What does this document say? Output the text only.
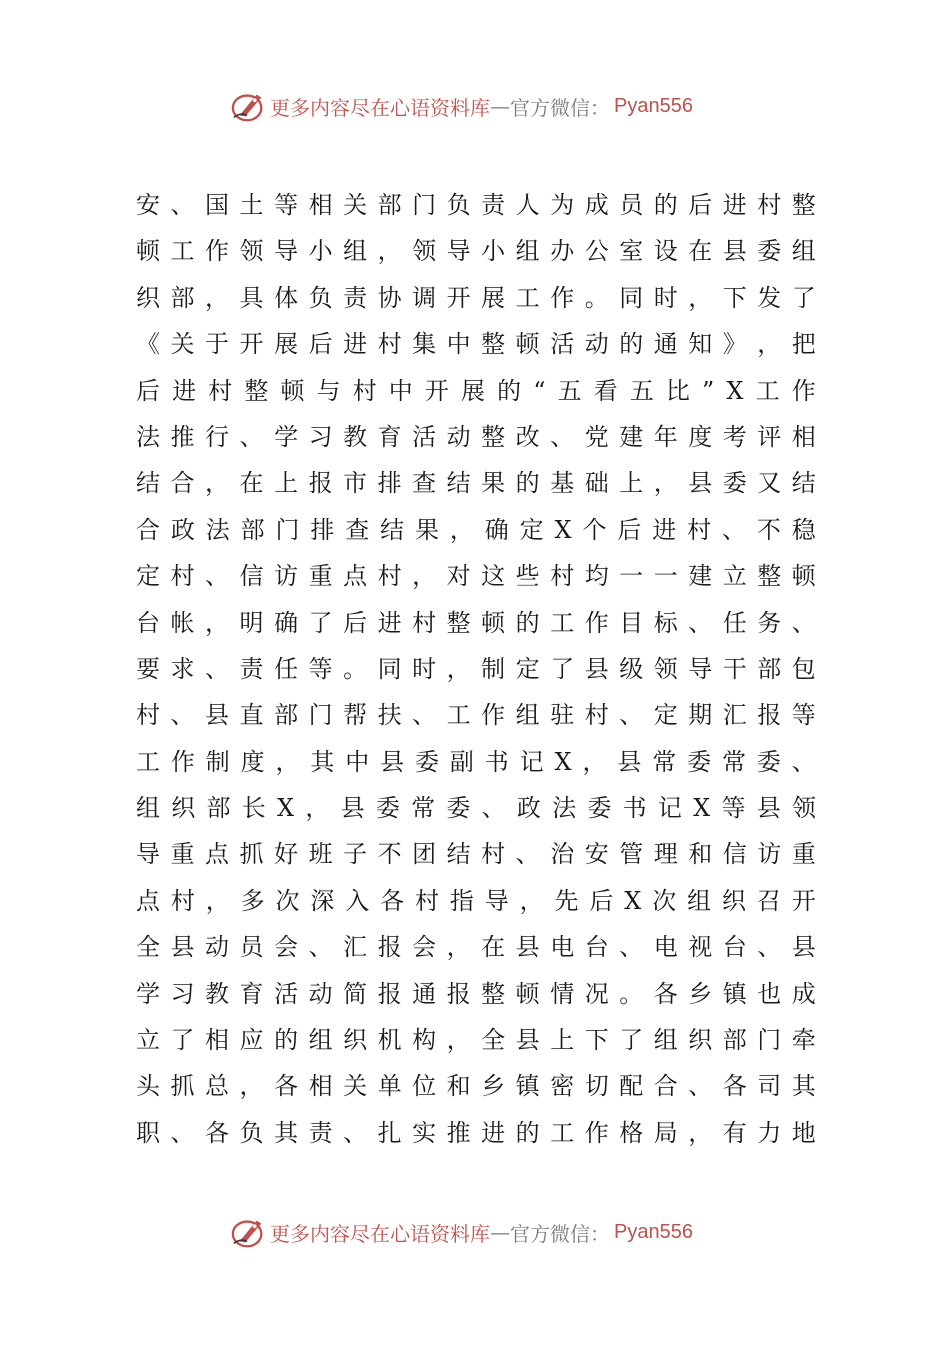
更多内容尽在心语资料库 — 官方微信： Pyan556
安 、 国 土 等 相 关 部 门 负 责 人 为 成 员 的 后 进 村 整
顿 工 作 领 导 小 组 ， 领 导 小 组 办 公 室 设 在 县 委 组
织 部 ， 具 体 负 责 协 调 开 展 工 作 。 同 时 ， 下 发 了
《 关 于 开 展 后 进 村 集 中 整 顿 活 动 的 通 知 》 ， 把
后 进 村 整 顿 与 村 中 开 展 的 “ 五 看 五 比 ” X 工 作
法 推 行 、 学 习 教 育 活 动 整 改 、 党 建 年 度 考 评 相
结 合 ， 在 上 报 市 排 查 结 果 的 基 础 上 ， 县 委 又 结
合 政 法 部 门 排 查 结 果 ， 确 定 X 个 后 进 村 、 不 稳
定 村 、 信 访 重 点 村 ， 对 这 些 村 均 一 一 建 立 整 顿
台 帐 ， 明 确 了 后 进 村 整 顿 的 工 作 目 标 、 任 务 、
要 求 、 责 任 等 。 同 时 ， 制 定 了 县 级 领 导 干 部 包
村 、 县 直 部 门 帮 扶 、 工 作 组 驻 村 、 定 期 汇 报 等
工 作 制 度 ， 其 中 县 委 副 书 记 X ， 县 常 委 常 委 、
组 织 部 长 X ， 县 委 常 委 、 政 法 委 书 记 X 等 县 领
导 重 点 抓 好 班 子 不 团 结 村 、 治 安 管 理 和 信 访 重
点 村 ， 多 次 深 入 各 村 指 导 ， 先 后 X 次 组 织 召 开
全 县 动 员 会 、 汇 报 会 ， 在 县 电 台 、 电 视 台 、 县
学 习 教 育 活 动 简 报 通 报 整 顿 情 况 。 各 乡 镇 也 成
立 了 相 应 的 组 织 机 构 ， 全 县 上 下 了 组 织 部 门 牵
头 抓 总 ， 各 相 关 单 位 和 乡 镇 密 切 配 合 、 各 司 其
职 、 各 负 其 责 、 扎 实 推 进 的 工 作 格 局 ， 有 力 地
更多内容尽在心语资料库 — 官方微信： Pyan556
